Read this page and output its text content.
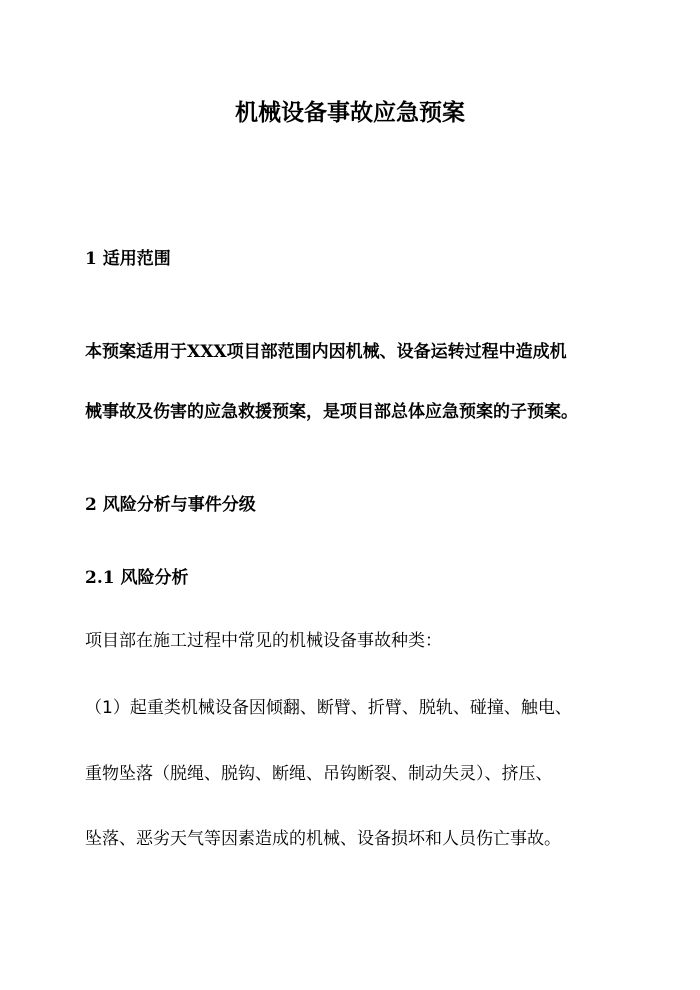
机械设备事故应急预案
1 适用范围
本预案适用于XXX项目部范围内因机械、设备运转过程中造成机
械事故及伤害的应急救援预案，是项目部总体应急预案的子预案。
2 风险分析与事件分级
2.1 风险分析
项目部在施工过程中常见的机械设备事故种类：
（1）起重类机械设备因倾翻、断臂、折臂、脱轨、碰撞、触电、
重物坠落（脱绳、脱钩、断绳、吊钩断裂、制动失灵）、挤压、
坠落、恶劣天气等因素造成的机械、设备损坏和人员伤亡事故。
